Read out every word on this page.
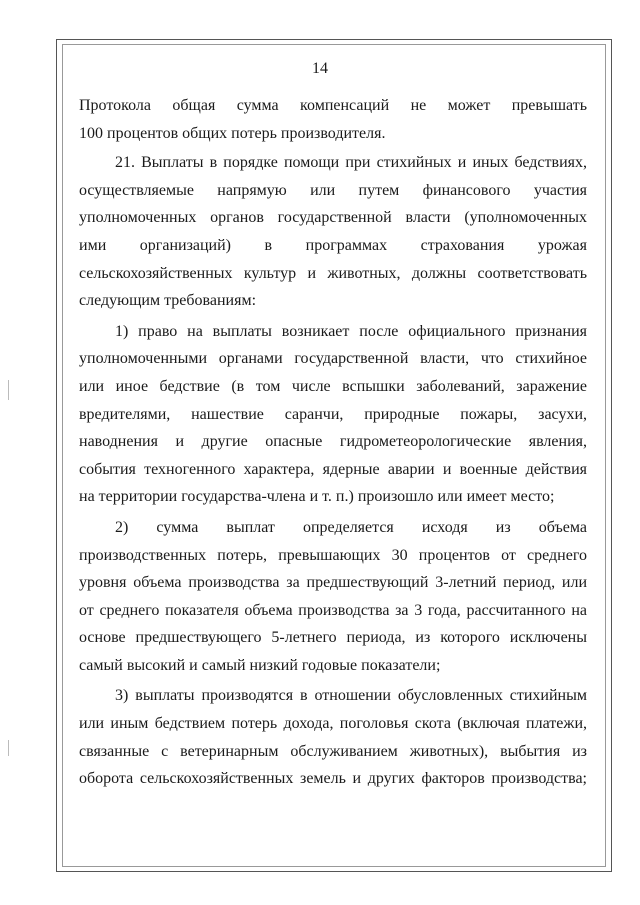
14
Протокола общая сумма компенсаций не может превышать
100 процентов общих потерь производителя.
21. Выплаты в порядке помощи при стихийных и иных бедствиях,
осуществляемые напрямую или путем финансового участия
уполномоченных органов государственной власти (уполномоченных
ими организаций) в программах страхования урожая
сельскохозяйственных культур и животных, должны соответствовать
следующим требованиям:
1) право на выплаты возникает после официального признания
уполномоченными органами государственной власти, что стихийное
или иное бедствие (в том числе вспышки заболеваний, заражение
вредителями, нашествие саранчи, природные пожары, засухи,
наводнения и другие опасные гидрометеорологические явления,
события техногенного характера, ядерные аварии и военные действия
на территории государства-члена и т. п.) произошло или имеет место;
2) сумма выплат определяется исходя из объема
производственных потерь, превышающих 30 процентов от среднего
уровня объема производства за предшествующий 3-летний период, или
от среднего показателя объема производства за 3 года, рассчитанного на
основе предшествующего 5-летнего периода, из которого исключены
самый высокий и самый низкий годовые показатели;
3) выплаты производятся в отношении обусловленных стихийным
или иным бедствием потерь дохода, поголовья скота (включая платежи,
связанные с ветеринарным обслуживанием животных), выбытия из
оборота сельскохозяйственных земель и других факторов производства;
